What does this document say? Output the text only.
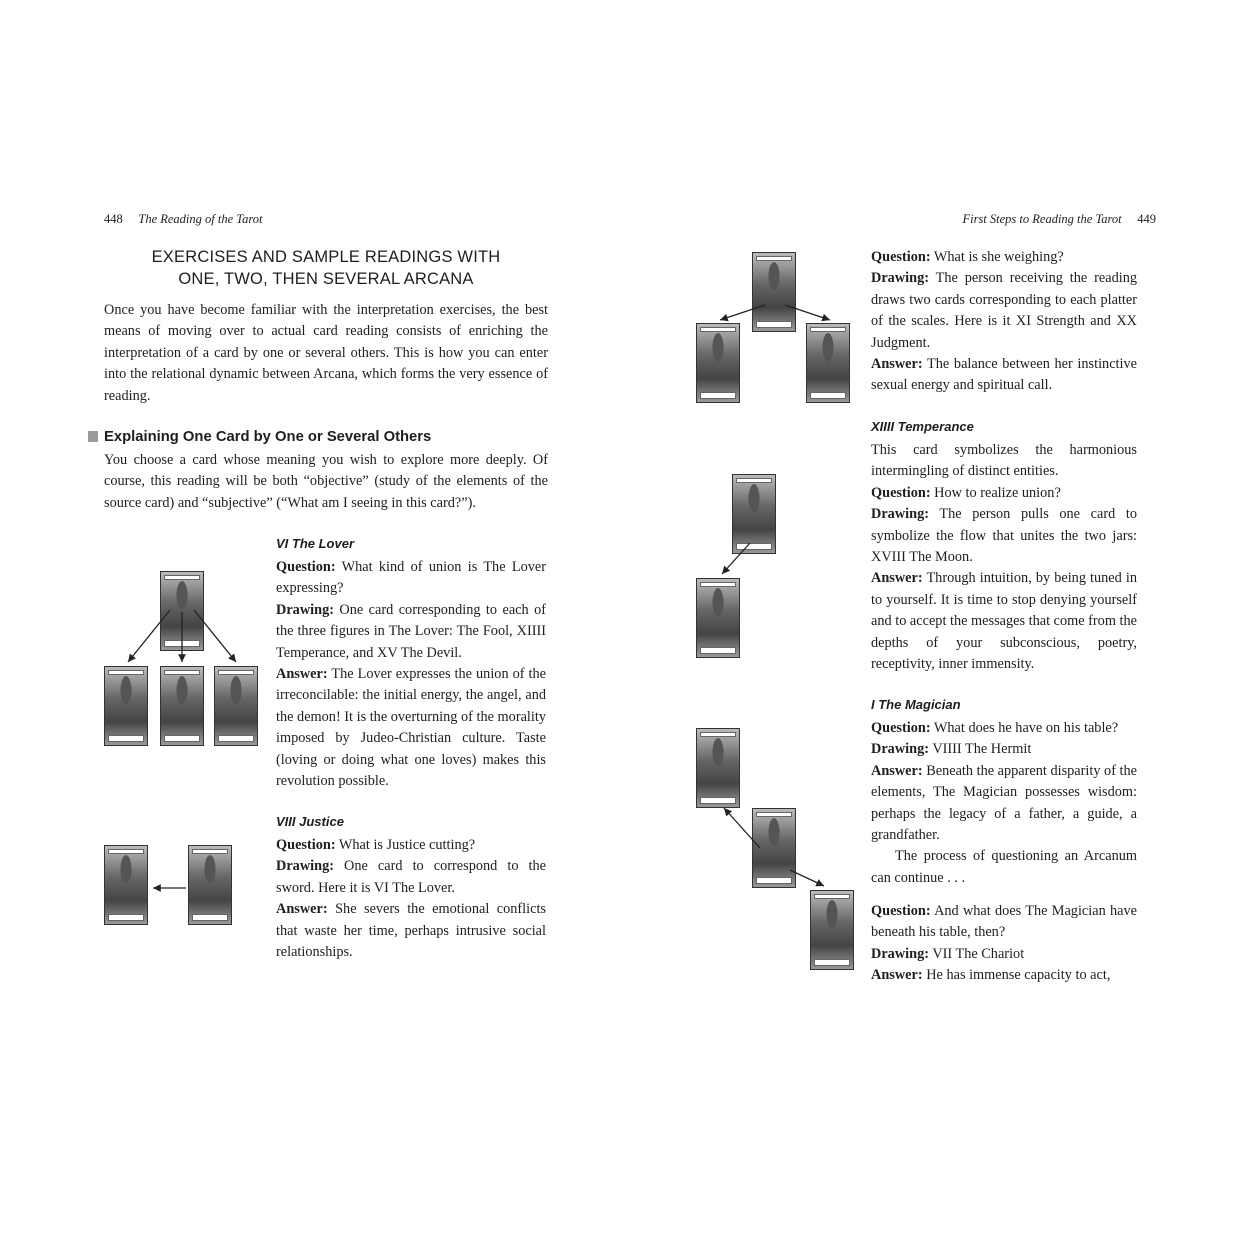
448 The Reading of the Tarot
EXERCISES AND SAMPLE READINGS WITH
ONE, TWO, THEN SEVERAL ARCANA
Once you have become familiar with the interpretation exercises, the best means of moving over to actual card reading consists of enriching the interpretation of a card by one or several others. This is how you can enter into the relational dynamic between Arcana, which forms the very essence of reading.
Explaining One Card by One or Several Others
You choose a card whose meaning you wish to explore more deeply. Of course, this reading will be both “objective” (study of the elements of the source card) and “subjective” (“What am I seeing in this card?”).
VI The Lover
Question: What kind of union is The Lover expressing?
Drawing: One card corresponding to each of the three figures in The Lover: The Fool, XIIII Temperance, and XV The Devil.
Answer: The Lover expresses the union of the irreconcilable: the initial energy, the angel, and the demon! It is the overturning of the morality imposed by Judeo-Christian culture. Taste (loving or doing what one loves) makes this revolution possible.
VIII Justice
Question: What is Justice cutting?
Drawing: One card to correspond to the sword. Here it is VI The Lover.
Answer: She severs the emotional conflicts that waste her time, perhaps intrusive social relationships.
First Steps to Reading the Tarot 449
Question: What is she weighing?
Drawing: The person receiving the reading draws two cards corresponding to each platter of the scales. Here is it XI Strength and XX Judgment.
Answer: The balance between her instinctive sexual energy and spiritual call.
XIIII Temperance
This card symbolizes the harmonious intermingling of distinct entities.
Question: How to realize union?
Drawing: The person pulls one card to symbolize the flow that unites the two jars: XVIII The Moon.
Answer: Through intuition, by being tuned in to yourself. It is time to stop denying yourself and to accept the messages that come from the depths of your subconscious, poetry, receptivity, inner immensity.
I The Magician
Question: What does he have on his table?
Drawing: VIIII The Hermit
Answer: Beneath the apparent disparity of the elements, The Magician possesses wisdom: perhaps the legacy of a father, a guide, a grandfather.
The process of questioning an Arcanum can continue . . .
Question: And what does The Magician have beneath his table, then?
Drawing: VII The Chariot
Answer: He has immense capacity to act,
